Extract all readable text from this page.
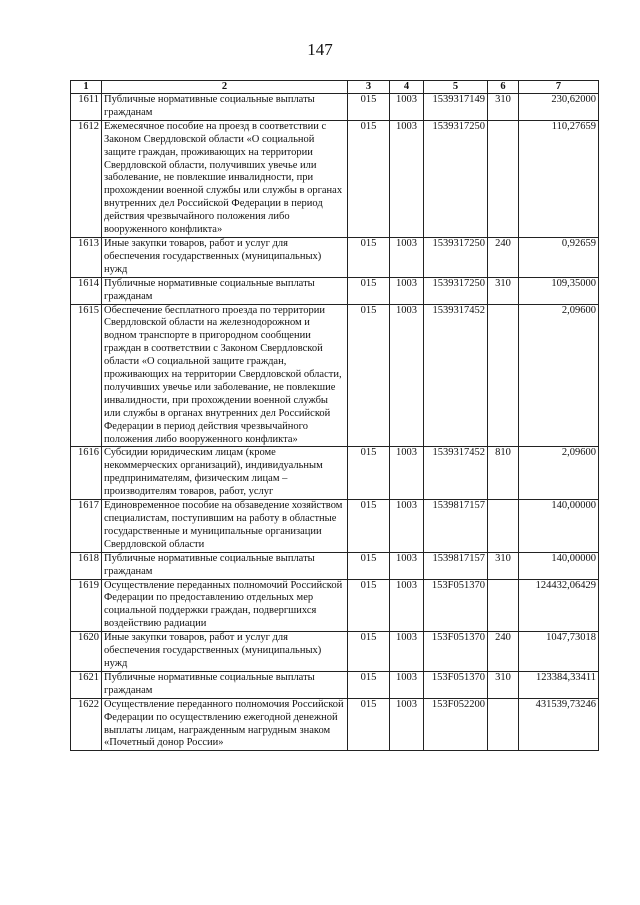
147
1	2	3	4	5	6	7
1611	Публичные нормативные социальные выплаты гражданам	015	1003	1539317149	310	230,62000
1612	Ежемесячное пособие на проезд в соответствии с Законом Свердловской области «О социальной защите граждан, проживающих на территории Свердловской области, получивших увечье или заболевание, не повлекшие инвалидности, при прохождении военной службы или службы в органах внутренних дел Российской Федерации в период действия чрезвычайного положения либо вооруженного конфликта»	015	1003	1539317250		110,27659
1613	Иные закупки товаров, работ и услуг для обеспечения государственных (муниципальных) нужд	015	1003	1539317250	240	0,92659
1614	Публичные нормативные социальные выплаты гражданам	015	1003	1539317250	310	109,35000
1615	Обеспечение бесплатного проезда по территории Свердловской области на железнодорожном и водном транспорте в пригородном сообщении граждан в соответствии с Законом Свердловской области «О социальной защите граждан, проживающих на территории Свердловской области, получивших увечье или заболевание, не повлекшие инвалидности, при прохождении военной службы или службы в органах внутренних дел Российской Федерации в период действия чрезвычайного положения либо вооруженного конфликта»	015	1003	1539317452		2,09600
1616	Субсидии юридическим лицам (кроме некоммерческих организаций), индивидуальным предпринимателям, физическим лицам – производителям товаров, работ, услуг	015	1003	1539317452	810	2,09600
1617	Единовременное пособие на обзаведение хозяйством специалистам, поступившим на работу в областные государственные и муниципальные организации Свердловской области	015	1003	1539817157		140,00000
1618	Публичные нормативные социальные выплаты гражданам	015	1003	1539817157	310	140,00000
1619	Осуществление переданных полномочий Российской Федерации по предоставлению отдельных мер социальной поддержки граждан, подвергшихся воздействию радиации	015	1003	153F051370		124432,06429
1620	Иные закупки товаров, работ и услуг для обеспечения государственных (муниципальных) нужд	015	1003	153F051370	240	1047,73018
1621	Публичные нормативные социальные выплаты гражданам	015	1003	153F051370	310	123384,33411
1622	Осуществление переданного полномочия Российской Федерации по осуществлению ежегодной денежной выплаты лицам, награжденным нагрудным знаком «Почетный донор России»	015	1003	153F052200		431539,73246
